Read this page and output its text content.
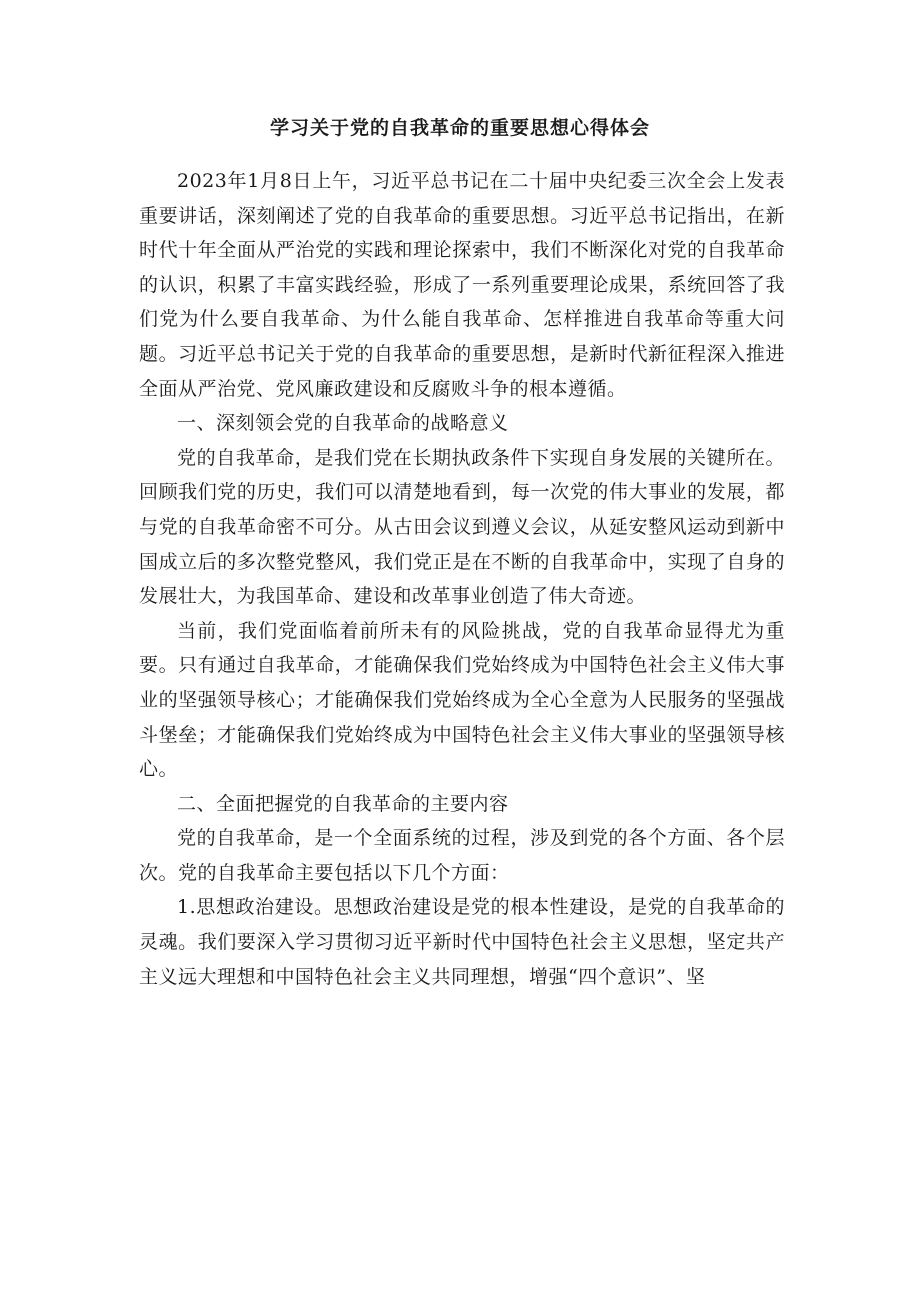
学习关于党的自我革命的重要思想心得体会

2023年1月8日上午，习近平总书记在二十届中央纪委三次全会上发表重要讲话，深刻阐述了党的自我革命的重要思想。习近平总书记指出，在新时代十年全面从严治党的实践和理论探索中，我们不断深化对党的自我革命的认识，积累了丰富实践经验，形成了一系列重要理论成果，系统回答了我们党为什么要自我革命、为什么能自我革命、怎样推进自我革命等重大问题。习近平总书记关于党的自我革命的重要思想，是新时代新征程深入推进全面从严治党、党风廉政建设和反腐败斗争的根本遵循。

一、深刻领会党的自我革命的战略意义

党的自我革命，是我们党在长期执政条件下实现自身发展的关键所在。回顾我们党的历史，我们可以清楚地看到，每一次党的伟大事业的发展，都与党的自我革命密不可分。从古田会议到遵义会议，从延安整风运动到新中国成立后的多次整党整风，我们党正是在不断的自我革命中，实现了自身的发展壮大，为我国革命、建设和改革事业创造了伟大奇迹。

当前，我们党面临着前所未有的风险挑战，党的自我革命显得尤为重要。只有通过自我革命，才能确保我们党始终成为中国特色社会主义伟大事业的坚强领导核心；才能确保我们党始终成为全心全意为人民服务的坚强战斗堡垒；才能确保我们党始终成为中国特色社会主义伟大事业的坚强领导核心。

二、全面把握党的自我革命的主要内容

党的自我革命，是一个全面系统的过程，涉及到党的各个方面、各个层次。党的自我革命主要包括以下几个方面：

1.思想政治建设。思想政治建设是党的根本性建设，是党的自我革命的灵魂。我们要深入学习贯彻习近平新时代中国特色社会主义思想，坚定共产主义远大理想和中国特色社会主义共同理想，增强“四个意识”、坚
